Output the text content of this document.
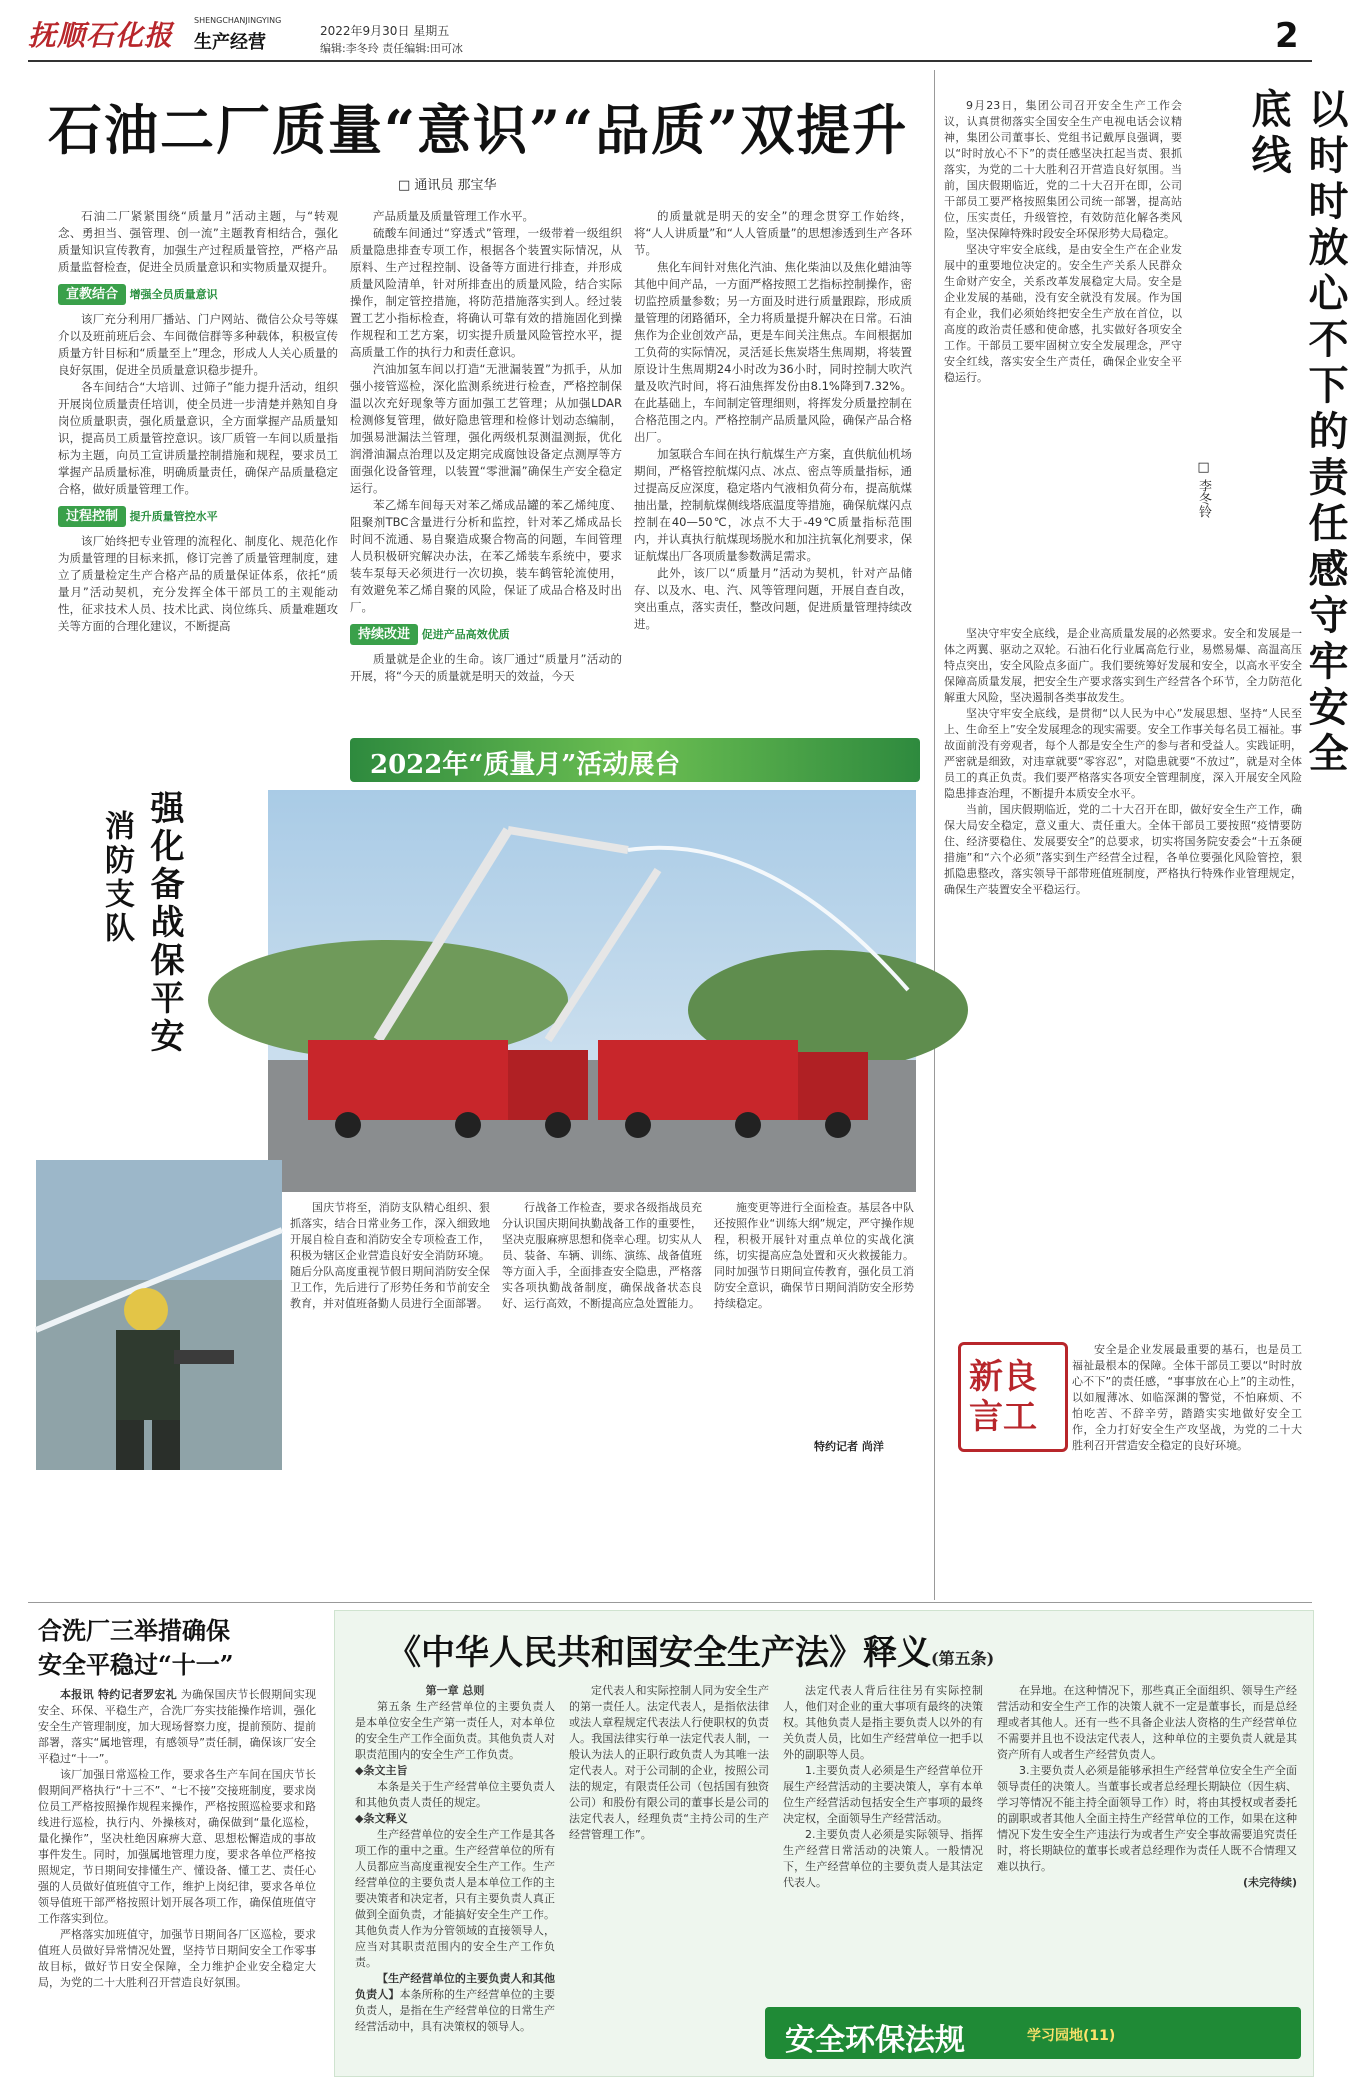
抚顺石化报	SHENGCHANJINGYING
生产经营
2022年9月30日 星期五
编辑:李冬玲 责任编辑:田可冰	2
石油二厂质量“意识”“品质”双提升
□ 通讯员 那宝华

石油二厂紧紧围绕“质量月”活动主题，与“转观念、勇担当、强管理、创一流”主题教育相结合，强化质量知识宣传教育，加强生产过程质量管控，严格产品质量监督检查，促进全员质量意识和实物质量双提升。

宣教结合 增强全员质量意识

该厂充分利用厂播站、门户网站、微信公众号等媒介以及班前班后会、车间微信群等多种载体，积极宣传质量方针目标和“质量至上”理念，形成人人关心质量的良好氛围，促进全员质量意识稳步提升。

各车间结合“大培训、过筛子”能力提升活动，组织开展岗位质量责任培训，使全员进一步清楚并熟知自身岗位质量职责，强化质量意识，全方面掌握产品质量知识，提高员工质量管控意识。该厂质管一车间以质量指标为主题，向员工宣讲质量控制措施和规程，要求员工掌握产品质量标准，明确质量责任，确保产品质量稳定合格，做好质量管理工作。

过程控制 提升质量管控水平

该厂始终把专业管理的流程化、制度化、规范化作为质量管理的目标来抓，修订完善了质量管理制度，建立了质量检定生产合格产品的质量保证体系，依托“质量月”活动契机，充分发挥全体干部员工的主观能动性，征求技术人员、技术比武、岗位练兵、质量难题攻关等方面的合理化建议，不断提高

产品质量及质量管理工作水平。

硫酸车间通过“穿透式”管理，一级带着一级组织质量隐患排查专项工作，根据各个装置实际情况，从原料、生产过程控制、设备等方面进行排查，并形成质量风险清单，针对所排查出的质量风险，结合实际操作，制定管控措施，将防范措施落实到人。经过装置工艺小指标检查，将确认可靠有效的措施固化到操作规程和工艺方案，切实提升质量风险管控水平，提高质量工作的执行力和责任意识。

汽油加氢车间以打造“无泄漏装置”为抓手，从加强小接管巡检，深化监测系统进行检查，严格控制保温以次充好现象等方面加强工艺管理；从加强LDAR检测修复管理，做好隐患管理和检修计划动态编制，加强易泄漏法兰管理，强化两级机泵测温测振，优化润滑油漏点治理以及定期完成腐蚀设备定点测厚等方面强化设备管理，以装置“零泄漏”确保生产安全稳定运行。

苯乙烯车间每天对苯乙烯成品罐的苯乙烯纯度、阻聚剂TBC含量进行分析和监控，针对苯乙烯成品长时间不流通、易自聚造成聚合物高的问题，车间管理人员积极研究解决办法，在苯乙烯装车系统中，要求装车泵每天必须进行一次切换，装车鹤管轮流使用，有效避免苯乙烯自聚的风险，保证了成品合格及时出厂。

持续改进 促进产品高效优质

质量就是企业的生命。该厂通过“质量月”活动的开展，将“今天的质量就是明天的效益，今天

的质量就是明天的安全”的理念贯穿工作始终，将“人人讲质量”和“人人管质量”的思想渗透到生产各环节。

焦化车间针对焦化汽油、焦化柴油以及焦化蜡油等其他中间产品，一方面严格按照工艺指标控制操作，密切监控质量参数；另一方面及时进行质量跟踪，形成质量管理的闭路循环，全力将质量提升解决在日常。石油焦作为企业创效产品，更是车间关注焦点。车间根据加工负荷的实际情况，灵活延长焦炭塔生焦周期，将装置原设计生焦周期24小时改为36小时，同时控制大吹汽量及吹汽时间，将石油焦挥发份由8.1%降到7.32%。在此基础上，车间制定管理细则，将挥发分质量控制在合格范围之内。严格控制产品质量风险，确保产品合格出厂。

加氢联合车间在执行航煤生产方案，直供航仙机场期间，严格管控航煤闪点、冰点、密点等质量指标，通过提高反应深度，稳定塔内气液相负荷分布，提高航煤抽出量，控制航煤侧线塔底温度等措施，确保航煤闪点控制在40—50℃，冰点不大于-49℃质量指标范围内，并认真执行航煤现场脱水和加注抗氧化剂要求，保证航煤出厂各项质量参数满足需求。

此外，该厂以“质量月”活动为契机，针对产品储存、以及水、电、汽、风等管理问题，开展自查自改，突出重点，落实责任，整改问题，促进质量管理持续改进。

2022年“质量月”活动展台	以时时放心不下的责任感守牢安全底线
□ 李冬铃

9月23日，集团公司召开安全生产工作会议，认真贯彻落实全国安全生产电视电话会议精神，集团公司董事长、党组书记戴厚良强调，要以“时时放心不下”的责任感坚决扛起当责、狠抓落实，为党的二十大胜利召开营造良好氛围。当前，国庆假期临近，党的二十大召开在即，公司干部员工要严格按照集团公司统一部署，提高站位，压实责任，升级管控，有效防范化解各类风险，坚决保障特殊时段安全环保形势大局稳定。

坚决守牢安全底线，是由安全生产在企业发展中的重要地位决定的。安全生产关系人民群众生命财产安全，关系改革发展稳定大局。安全是企业发展的基础，没有安全就没有发展。作为国有企业，我们必须始终把安全生产放在首位，以高度的政治责任感和使命感，扎实做好各项安全工作。干部员工要牢固树立安全发展理念，严守安全红线，落实安全生产责任，确保企业安全平稳运行。

坚决守牢安全底线，是企业高质量发展的必然要求。安全和发展是一体之两翼、驱动之双轮。石油石化行业属高危行业，易燃易爆、高温高压特点突出，安全风险点多面广。我们要统筹好发展和安全，以高水平安全保障高质量发展，把安全生产要求落实到生产经营各个环节，全力防范化解重大风险，坚决遏制各类事故发生。

坚决守牢安全底线，是贯彻“以人民为中心”发展思想、坚持“人民至上、生命至上”安全发展理念的现实需要。安全工作事关每名员工福祉。事故面前没有旁观者，每个人都是安全生产的参与者和受益人。实践证明，严密就是细致，对违章就要“零容忍”，对隐患就要“不放过”，就是对全体员工的真正负责。我们要严格落实各项安全管理制度，深入开展安全风险隐患排查治理，不断提升本质安全水平。

当前，国庆假期临近，党的二十大召开在即，做好安全生产工作，确保大局安全稳定，意义重大、责任重大。全体干部员工要按照“疫情要防住、经济要稳住、发展要安全”的总要求，切实将国务院安委会“十五条硬措施”和“六个必须”落实到生产经营全过程，各单位要强化风险管控，狠抓隐患整改，落实领导干部带班值班制度，严格执行特殊作业管理规定，确保生产装置安全平稳运行。

新良言工

安全是企业发展最重要的基石，也是员工福祉最根本的保障。全体干部员工要以“时时放心不下”的责任感，“事事放在心上”的主动性，以如履薄冰、如临深渊的警觉，不怕麻烦、不怕吃苦、不辞辛劳，踏踏实实地做好安全工作，全力打好安全生产攻坚战，为党的二十大胜利召开营造安全稳定的良好环境。

强化备战保平安
消防支队

国庆节将至，消防支队精心组织、狠抓落实，结合日常业务工作，深入细致地开展自检自查和消防安全专项检查工作，积极为辖区企业营造良好安全消防环境。随后分队高度重视节假日期间消防安全保卫工作，先后进行了形势任务和节前安全教育，并对值班备勤人员进行全面部署。

行战备工作检查，要求各级指战员充分认识国庆期间执勤战备工作的重要性，坚决克服麻痹思想和侥幸心理。切实从人员、装备、车辆、训练、演练、战备值班等方面入手，全面排查安全隐患，严格落实各项执勤战备制度，确保战备状态良好、运行高效，不断提高应急处置能力。

施变更等进行全面检查。基层各中队还按照作业“训练大纲”规定，严守操作规程，积极开展针对重点单位的实战化演练，切实提高应急处置和灭火救援能力。同时加强节日期间宣传教育，强化员工消防安全意识，确保节日期间消防安全形势持续稳定。

特约记者 尚洋
合洗厂三举措确保
安全平稳过“十一”

本报讯 特约记者罗宏礼 为确保国庆节长假期间实现安全、环保、平稳生产，合洗厂夯实技能操作培训，强化安全生产管理制度，加大现场督察力度，提前预防、提前部署，落实“属地管理，有感领导”责任制，确保该厂安全平稳过“十一”。

该厂加强日常巡检工作，要求各生产车间在国庆节长假期间严格执行“十三不”、“七不接”交接班制度，要求岗位员工严格按照操作规程来操作，严格按照巡检要求和路线进行巡检，执行内、外操核对，确保做到“量化巡检，量化操作”，坚决杜绝因麻痹大意、思想松懈造成的事故事件发生。同时，加强属地管理力度，要求各单位严格按照规定，节日期间安排懂生产、懂设备、懂工艺、责任心强的人员做好值班值守工作，维护上岗纪律，要求各单位领导值班干部严格按照计划开展各项工作，确保值班值守工作落实到位。

严格落实加班值守，加强节日期间各厂区巡检，要求值班人员做好异常情况处置，坚持节日期间安全工作零事故目标，做好节日安全保障，全力维护企业安全稳定大局，为党的二十大胜利召开营造良好氛围。

《中华人民共和国安全生产法》释义(第五条)
第一章 总则

第五条 生产经营单位的主要负责人是本单位安全生产第一责任人，对本单位的安全生产工作全面负责。其他负责人对职责范围内的安全生产工作负责。

◆条文主旨

本条是关于生产经营单位主要负责人和其他负责人责任的规定。

◆条文释义

生产经营单位的安全生产工作是其各项工作的重中之重。生产经营单位的所有人员都应当高度重视安全生产工作。生产经营单位的主要负责人是本单位工作的主要决策者和决定者，只有主要负责人真正做到全面负责，才能搞好安全生产工作。其他负责人作为分管领域的直接领导人，应当对其职责范围内的安全生产工作负责。

【生产经营单位的主要负责人和其他负责人】本条所称的生产经营单位的主要负责人，是指在生产经营单位的日常生产经营活动中，具有决策权的领导人。

定代表人和实际控制人同为安全生产的第一责任人。法定代表人，是指依法律或法人章程规定代表法人行使职权的负责人。我国法律实行单一法定代表人制，一般认为法人的正职行政负责人为其唯一法定代表人。对于公司制的企业，按照公司法的规定，有限责任公司（包括国有独资公司）和股份有限公司的董事长是公司的法定代表人，经理负责“主持公司的生产经营管理工作”。

法定代表人背后往往另有实际控制人，他们对企业的重大事项有最终的决策权。其他负责人是指主要负责人以外的有关负责人员，比如生产经营单位一把手以外的副职等人员。

1.主要负责人必须是生产经营单位开展生产经营活动的主要决策人，享有本单位生产经营活动包括安全生产事项的最终决定权，全面领导生产经营活动。

2.主要负责人必须是实际领导、指挥生产经营日常活动的决策人。一般情况下，生产经营单位的主要负责人是其法定代表人。

在异地。在这种情况下，那些真正全面组织、领导生产经营活动和安全生产工作的决策人就不一定是董事长，而是总经理或者其他人。还有一些不具备企业法人资格的生产经营单位不需要并且也不设法定代表人，这种单位的主要负责人就是其资产所有人或者生产经营负责人。

3.主要负责人必须是能够承担生产经营单位安全生产全面领导责任的决策人。当董事长或者总经理长期缺位（因生病、学习等情况不能主持全面领导工作）时，将由其授权或者委托的副职或者其他人全面主持生产经营单位的工作，如果在这种情况下发生安全生产违法行为或者生产安全事故需要追究责任时，将长期缺位的董事长或者总经理作为责任人既不合情理又难以执行。

(未完待续)
安全环保法规	学习园地(11)
